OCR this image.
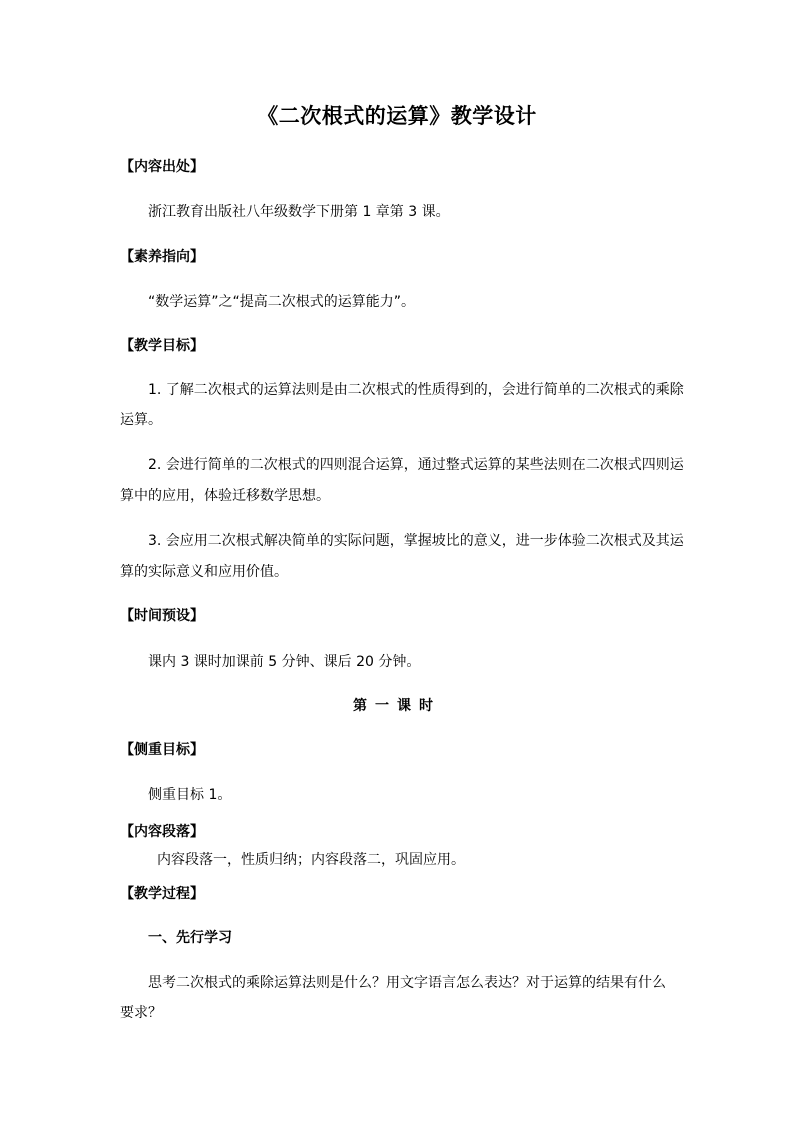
《二次根式的运算》教学设计
【内容出处】
浙江教育出版社八年级数学下册第 1 章第 3 课。
【素养指向】
“数学运算”之“提高二次根式的运算能力”。
【教学目标】
1. 了解二次根式的运算法则是由二次根式的性质得到的，会进行简单的二次根式的乘除
运算。
2. 会进行简单的二次根式的四则混合运算，通过整式运算的某些法则在二次根式四则运
算中的应用，体验迁移数学思想。
3. 会应用二次根式解决简单的实际问题，掌握坡比的意义，进一步体验二次根式及其运
算的实际意义和应用价值。
【时间预设】
课内 3 课时加课前 5 分钟、课后 20 分钟。
第一课时
【侧重目标】
侧重目标 1。
【内容段落】
内容段落一，性质归纳；内容段落二，巩固应用。
【教学过程】
一、先行学习
思考二次根式的乘除运算法则是什么？用文字语言怎么表达？对于运算的结果有什么
要求？
